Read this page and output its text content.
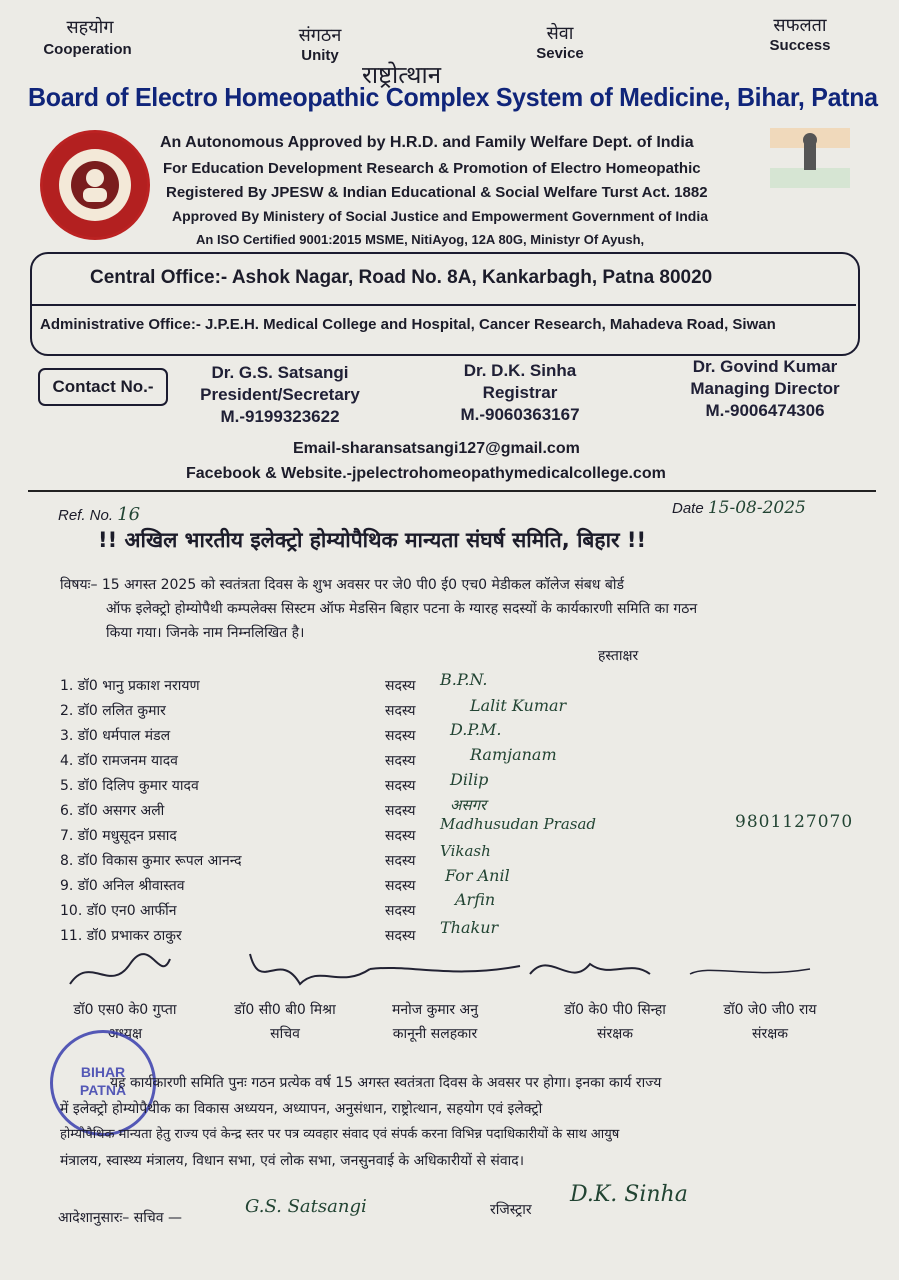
सहयोग
Cooperation
संगठन
Unity
सेवा
Sevice
सफलता
Success
राष्ट्रोत्थान
Board of Electro Homeopathic Complex System of Medicine, Bihar, Patna
An Autonomous Approved by H.R.D. and Family Welfare Dept. of India
For Education Development Research & Promotion of Electro Homeopathic
Registered By JPESW & Indian Educational & Social Welfare Turst Act. 1882
Approved By Ministery of Social Justice and Empowerment Government of India
An ISO Certified 9001:2015 MSME, NitiAyog, 12A 80G, Ministyr Of Ayush,
Central Office:- Ashok Nagar, Road No. 8A, Kankarbagh, Patna 80020
Administrative Office:- J.P.E.H. Medical College and Hospital, Cancer Research, Mahadeva Road, Siwan
Contact No.-
Dr. G.S. Satsangi
President/Secretary
M.-9199323622
Dr. D.K. Sinha
Registrar
M.-9060363167
Dr. Govind Kumar
Managing Director
M.-9006474306
Email-sharansatsangi127@gmail.com
Facebook & Website.-jpelectrohomeopathymedicalcollege.com
Ref. No. 16	Date 15-08-2025
!! अखिल भारतीय इलेक्ट्रो होम्योपैथिक मान्यता संघर्ष समिति, बिहार !!
विषयः– 15 अगस्त 2025 को स्वतंत्रता दिवस के शुभ अवसर पर जे0 पी0 ई0 एच0 मेडीकल कॉलेज संबध बोर्ड
ऑफ इलेक्ट्रो होम्योपैथी कम्पलेक्स सिस्टम ऑफ मेडसिन बिहार पटना के ग्यारह सदस्यों के कार्यकारणी समिति का गठन
किया गया। जिनके नाम निम्नलिखित है।
हस्ताक्षर
1. डॉ0 भानु प्रकाश नरायण	सदस्य B.P.N.
2. डॉ0 ललित कुमार	सदस्य	Lalit Kumar
3. डॉ0 धर्मपाल मंडल	सदस्य D.P.M.
4. डॉ0 रामजनम यादव	सदस्य	Ramjanam
5. डॉ0 दिलिप कुमार यादव	सदस्य Dilip
6. डॉ0 असगर अली	सदस्य असगर
7. डॉ0 मधुसूदन प्रसाद	सदस्य
Madhusudan Prasad
8. डॉ0 विकास कुमार रूपल आनन्द	सदस्य
Vikash
9. डॉ0 अनिल श्रीवास्तव	सदस्य
For Anil
10. डॉ0 एन0 आर्फीन	सदस्य
Arfin
11. डॉ0 प्रभाकर ठाकुर	सदस्य Thakur
9801127070
डॉ0 एस0 के0 गुप्ता
अध्यक्ष
डॉ0 सी0 बी0 मिश्रा
सचिव
मनोज कुमार अनु
कानूनी सलहकार
डॉ0 के0 पी0 सिन्हा
संरक्षक
डॉ0 जे0 जी0 राय
संरक्षक
BIHAR
PATNA
यह कार्यकारणी समिति पुनः गठन प्रत्येक वर्ष 15 अगस्त स्वतंत्रता दिवस के अवसर पर होगा। इनका कार्य राज्य
में इलेक्ट्रो होम्योपैथीक का विकास अध्ययन, अध्यापन, अनुसंधान, राष्ट्रोत्थान, सहयोग एवं इलेक्ट्रो
होम्योपैथिक मान्यता हेतु राज्य एवं केन्द्र स्तर पर पत्र व्यवहार संवाद एवं संपर्क करना विभिन्न पदाधिकारीयों के साथ आयुष
मंत्रालय, स्वास्थ्य मंत्रालय, विधान सभा, एवं लोक सभा, जनसुनवाई के अधिकारीयों से संवाद।
आदेशानुसारः– सचिव —
G.S. Satsangi	रजिस्ट्रार
D.K. Sinha
